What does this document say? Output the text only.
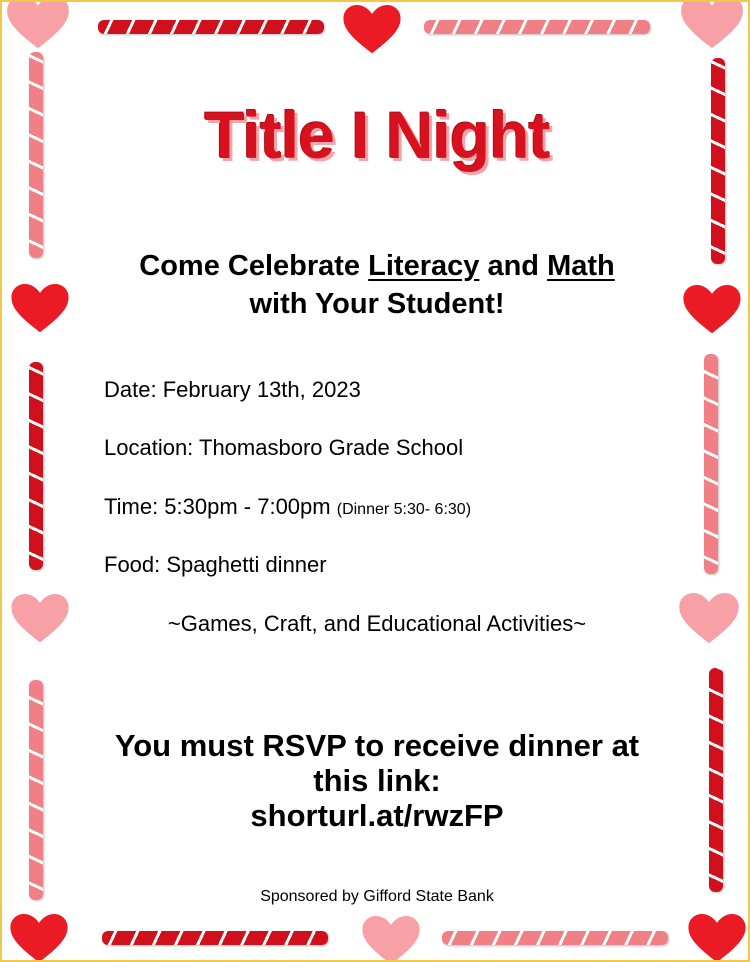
Title I Night
Come Celebrate Literacy and Math
with Your Student!
Date: February 13th, 2023
Location: Thomasboro Grade School
Time: 5:30pm - 7:00pm (Dinner 5:30- 6:30)
Food: Spaghetti dinner
~Games, Craft, and Educational Activities~
You must RSVP to receive dinner at
this link:
shorturl.at/rwzFP
Sponsored by Gifford State Bank
